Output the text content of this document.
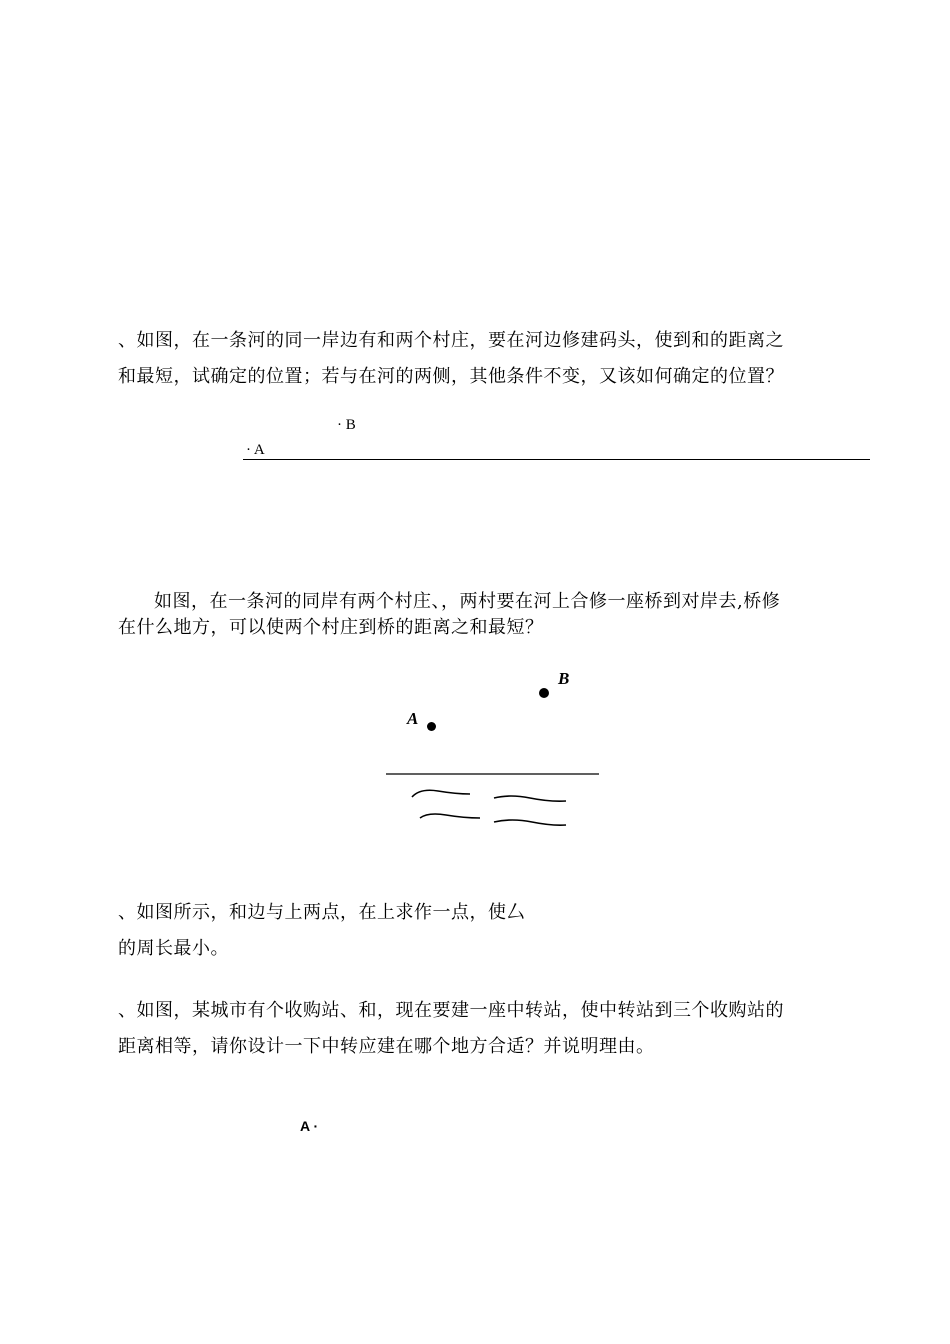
、如图，在一条河的同一岸边有和两个村庄，要在河边修建码头，使到和的距离之
和最短，试确定的位置；若与在河的两侧，其他条件不变，又该如何确定的位置？
· B
· A
如图，在一条河的同岸有两个村庄、，两村要在河上合修一座桥到对岸去,桥修
在什么地方，可以使两个村庄到桥的距离之和最短？
B
A
、如图所示，和边与上两点，在上求作一点，使厶
的周长最小。
、如图，某城市有个收购站、和，现在要建一座中转站，使中转站到三个收购站的
距离相等，请你设计一下中转应建在哪个地方合适？并说明理由。
A ·
